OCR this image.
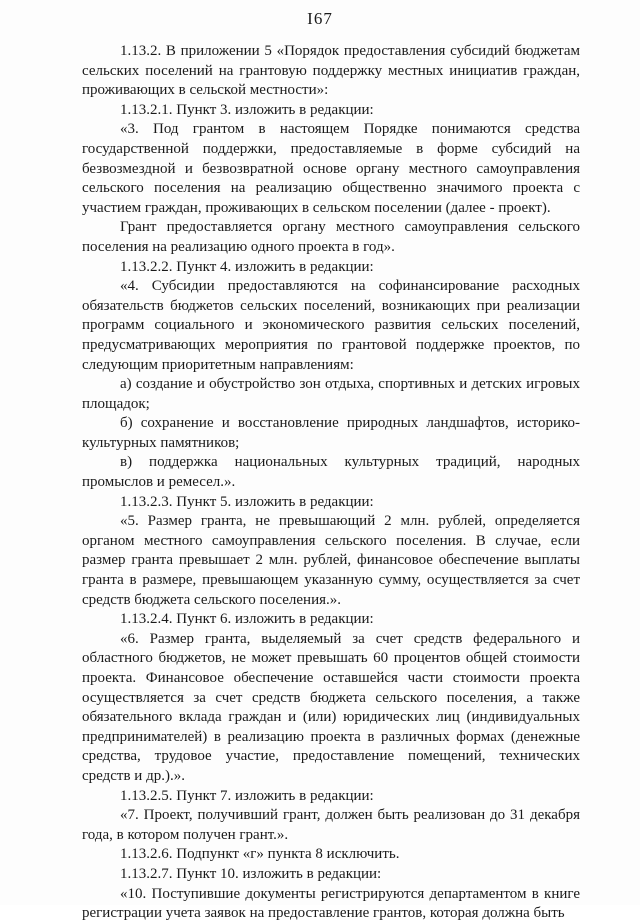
I67

1.13.2. В приложении 5 «Порядок предоставления субсидий бюджетам сельских поселений на грантовую поддержку местных инициатив граждан, проживающих в сельской местности»:

1.13.2.1. Пункт 3. изложить в редакции:

«3. Под грантом в настоящем Порядке понимаются средства государственной поддержки, предоставляемые в форме субсидий на безвозмездной и безвозвратной основе органу местного самоуправления сельского поселения на реализацию общественно значимого проекта с участием граждан, проживающих в сельском поселении (далее - проект).

Грант предоставляется органу местного самоуправления сельского поселения на реализацию одного проекта в год».

1.13.2.2. Пункт 4. изложить в редакции:

«4. Субсидии предоставляются на софинансирование расходных обязательств бюджетов сельских поселений, возникающих при реализации программ социального и экономического развития сельских поселений, предусматривающих мероприятия по грантовой поддержке проектов, по следующим приоритетным направлениям:

а) создание и обустройство зон отдыха, спортивных и детских игровых площадок;

б) сохранение и восстановление природных ландшафтов, историко-культурных памятников;

в) поддержка национальных культурных традиций, народных промыслов и ремесел.».

1.13.2.3. Пункт 5. изложить в редакции:

«5. Размер гранта, не превышающий 2 млн. рублей, определяется органом местного самоуправления сельского поселения. В случае, если размер гранта превышает 2 млн. рублей, финансовое обеспечение выплаты гранта в размере, превышающем указанную сумму, осуществляется за счет средств бюджета сельского поселения.».

1.13.2.4. Пункт 6. изложить в редакции:

«6. Размер гранта, выделяемый за счет средств федерального и областного бюджетов, не может превышать 60 процентов общей стоимости проекта. Финансовое обеспечение оставшейся части стоимости проекта осуществляется за счет средств бюджета сельского поселения, а также обязательного вклада граждан и (или) юридических лиц (индивидуальных предпринимателей) в реализацию проекта в различных формах (денежные средства, трудовое участие, предоставление помещений, технических средств и др.).».

1.13.2.5. Пункт 7. изложить в редакции:

«7. Проект, получивший грант, должен быть реализован до 31 декабря года, в котором получен грант.».

1.13.2.6. Подпункт «г» пункта 8 исключить.

1.13.2.7. Пункт 10. изложить в редакции:

«10. Поступившие документы регистрируются департаментом в книге регистрации учета заявок на предоставление грантов, которая должна быть
